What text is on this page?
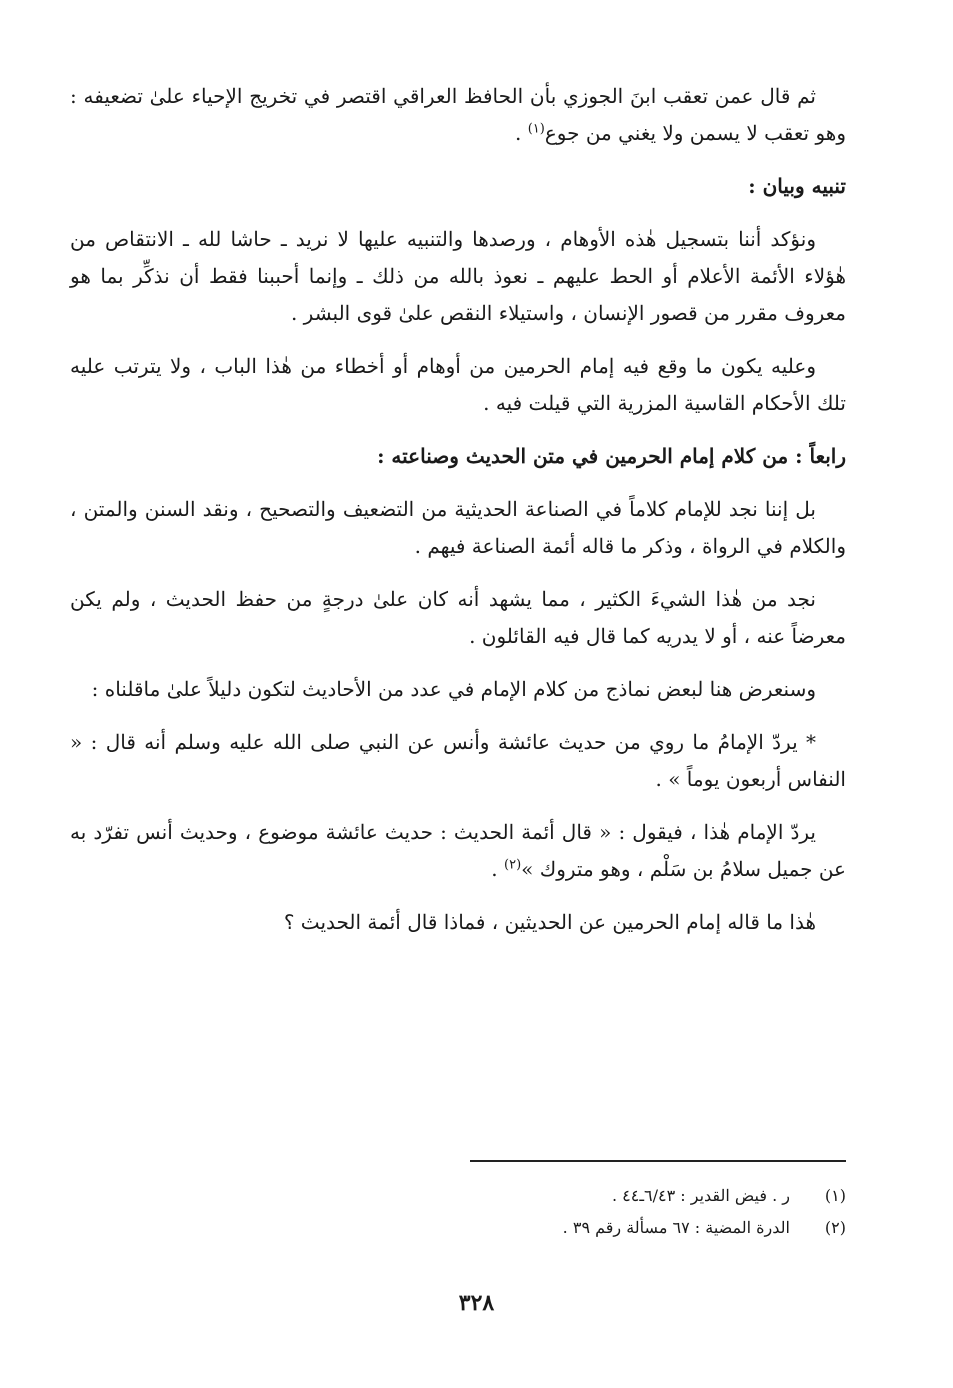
ثم قال عمن تعقب ابنَ الجوزي بأن الحافظ العراقي اقتصر في تخريج الإحياء علىٰ تضعيفه : وهو تعقب لا يسمن ولا يغني من جوع$^{(١)}$ .

تنبيه وبيان :

ونؤكد أننا بتسجيل هٰذه الأوهام ، ورصدها والتنبيه عليها لا نريد ـ حاشا لله ـ الانتقاص من هٰؤلاء الأئمة الأعلام أو الحط عليهم ـ نعوذ بالله من ذلك ـ وإنما أحببنا فقط أن نذكِّر بما هو معروف مقرر من قصور الإنسان ، واستيلاء النقص علىٰ قوى البشر .

وعليه يكون ما وقع فيه إمام الحرمين من أوهام أو أخطاء من هٰذا الباب ، ولا يترتب عليه تلك الأحكام القاسية المزرية التي قيلت فيه .

رابعاً : من كلام إمام الحرمين في متن الحديث وصناعته :

بل إننا نجد للإمام كلاماً في الصناعة الحديثية من التضعيف والتصحيح ، ونقد السنن والمتن ، والكلام في الرواة ، وذكر ما قاله أئمة الصناعة فيهم .

نجد من هٰذا الشيءَ الكثير ، مما يشهد أنه كان علىٰ درجةٍ من حفظ الحديث ، ولم يكن معرضاً عنه ، أو لا يدريه كما قال فيه القائلون .

وسنعرض هنا لبعض نماذج من كلام الإمام في عدد من الأحاديث لتكون دليلاً علىٰ ماقلناه :

* يردّ الإمامُ ما روي من حديث عائشة وأنس عن النبي صلى الله عليه وسلم أنه قال : « النفاس أربعون يوماً » .

يردّ الإمام هٰذا ، فيقول : « قال أئمة الحديث : حديث عائشة موضوع ، وحديث أنس تفرّد به عن جميل سلامُ بن سَلْم ، وهو متروك »$^{(٢)}$ .

هٰذا ما قاله إمام الحرمين عن الحديثين ، فماذا قال أئمة الحديث ؟

(١)ر . فيض القدير : ٦/٤٣ـ٤٤ .
(٢)الدرة المضية : ٦٧ مسألة رقم ٣٩ .
٣٢٨
